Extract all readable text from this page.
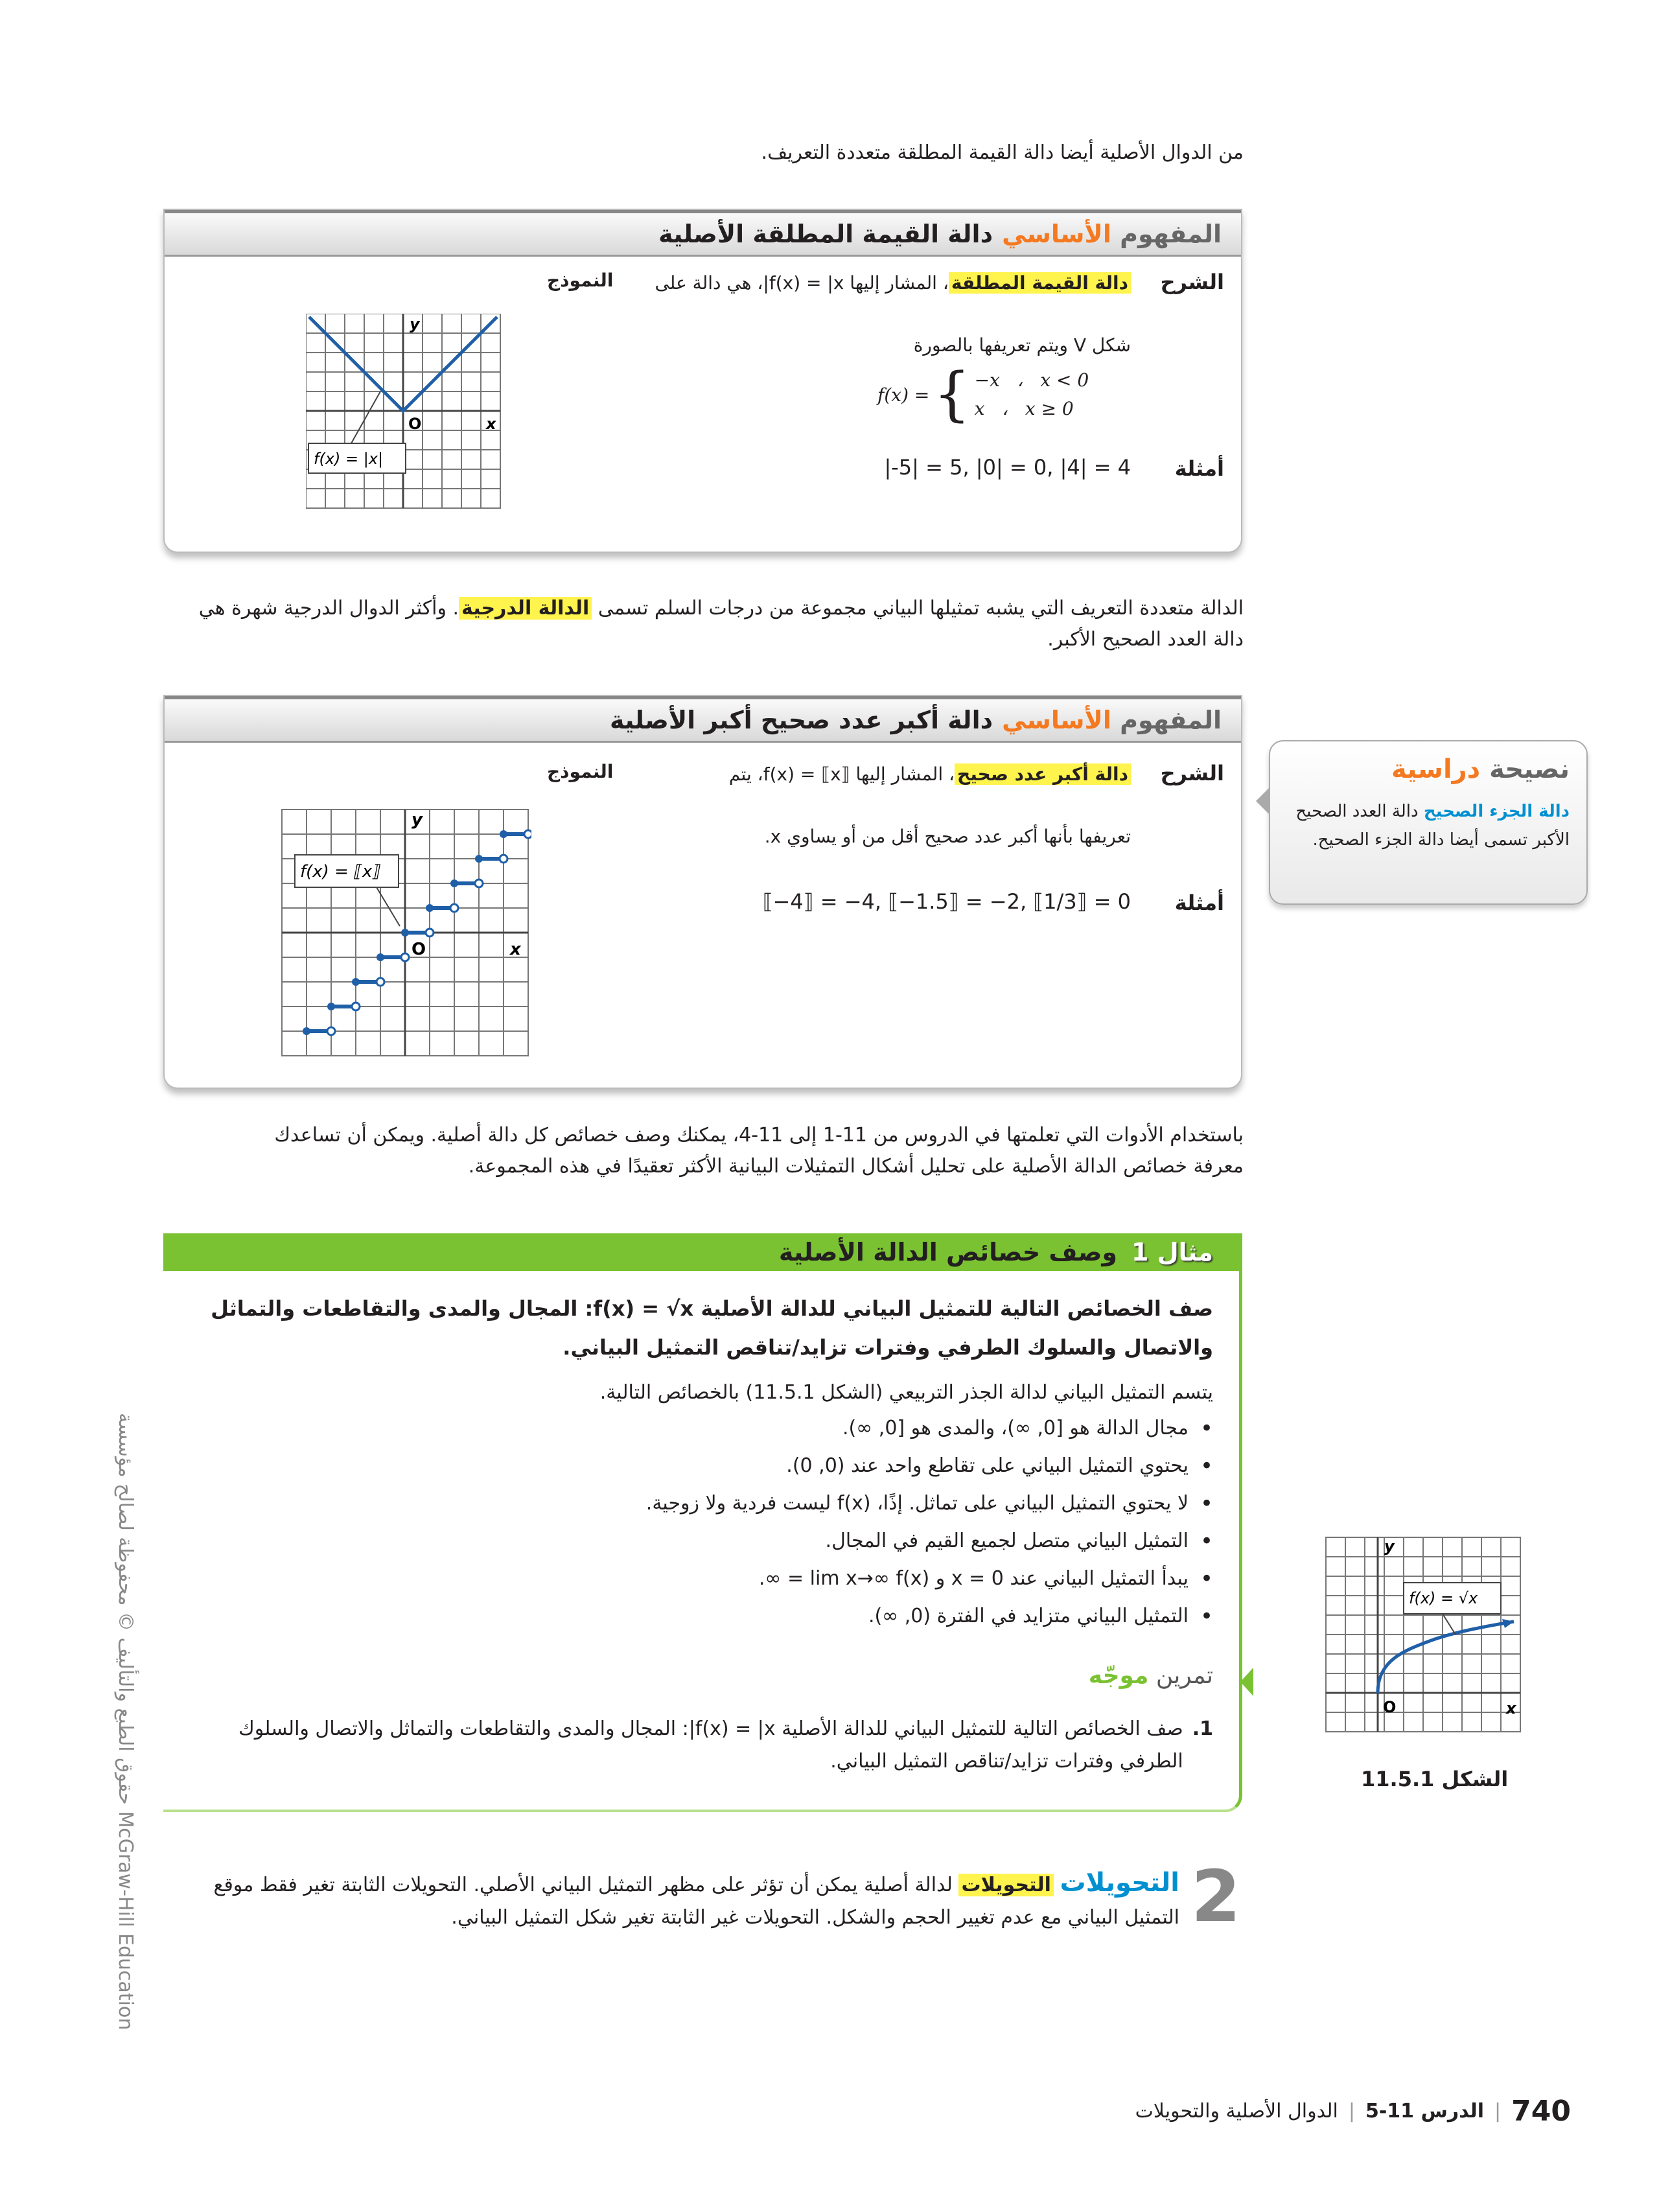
من الدوال الأصلية أيضا دالة القيمة المطلقة متعددة التعريف.
المفهوم الأساسي
دالة القيمة المطلقة الأصلية
الشرح
النموذج	دالة القيمة المطلقة، المشار إليها f(x) = |x|، هي دالة على
شكل V ويتم تعريفها بالصورة
f(x) = { −x   ،   x < 0
x   ،   x ≥ 0
أمثلة
|-5| = 5, |0| = 0, |4| = 4
O	x
y
f(x) = |x|
الدالة متعددة التعريف التي يشبه تمثيلها البياني مجموعة من درجات السلم تسمى الدالة الدرجية. وأكثر الدوال الدرجية شهرة هي دالة العدد الصحيح الأكبر.
المفهوم الأساسي
دالة أكبر عدد صحيح أكبر الأصلية
الشرح
النموذج	دالة أكبر عدد صحيح، المشار إليها f(x) = ⟦x⟧، يتم
تعريفها بأنها أكبر عدد صحيح أقل من أو يساوي x.
أمثلة
⟦−4⟧ = −4, ⟦−1.5⟧ = −2, ⟦1/3⟧ = 0
O	x
y
f(x) = ⟦x⟧
نصيحة دراسية
دالة الجزء الصحيح دالة العدد الصحيح الأكبر تسمى أيضا دالة الجزء الصحيح.
باستخدام الأدوات التي تعلمتها في الدروس من 11-1 إلى 11-4، يمكنك وصف خصائص كل دالة أصلية. ويمكن أن تساعدك معرفة خصائص الدالة الأصلية على تحليل أشكال التمثيلات البيانية الأكثر تعقيدًا في هذه المجموعة.
مثال 1
وصف خصائص الدالة الأصلية
صف الخصائص التالية للتمثيل البياني للدالة الأصلية f(x) = √x: المجال والمدى والتقاطعات والتماثل والاتصال والسلوك الطرفي وفترات تزايد/تناقص التمثيل البياني.
يتسم التمثيل البياني لدالة الجذر التربيعي (الشكل 11.5.1) بالخصائص التالية.
• مجال الدالة هو [0, ∞)، والمدى هو [0, ∞).
• يحتوي التمثيل البياني على تقاطع واحد عند (0, 0).
• لا يحتوي التمثيل البياني على تماثل. إذًا، f(x) ليست فردية ولا زوجية.
• التمثيل البياني متصل لجميع القيم في المجال.
• يبدأ التمثيل البياني عند x = 0 و lim x→∞ f(x) = ∞.
• التمثيل البياني متزايد في الفترة (0, ∞).
تمرين موجّه
1.
صف الخصائص التالية للتمثيل البياني للدالة الأصلية f(x) = |x|: المجال والمدى والتقاطعات والتماثل والاتصال والسلوك الطرفي وفترات تزايد/تناقص التمثيل البياني.
O	x
y
f(x) = √x
الشكل 11.5.1
2
التحويلات التحويلات لدالة أصلية يمكن أن تؤثر على مظهر التمثيل البياني الأصلي. التحويلات الثابتة تغير فقط موقع التمثيل البياني مع عدم تغيير الحجم والشكل. التحويلات غير الثابتة تغير شكل التمثيل البياني.
حقوق الطبع والتأليف © محفوظة لصالح مؤسسة McGraw-Hill Education
740
|
الدرس 11-5
|
الدوال الأصلية والتحويلات
